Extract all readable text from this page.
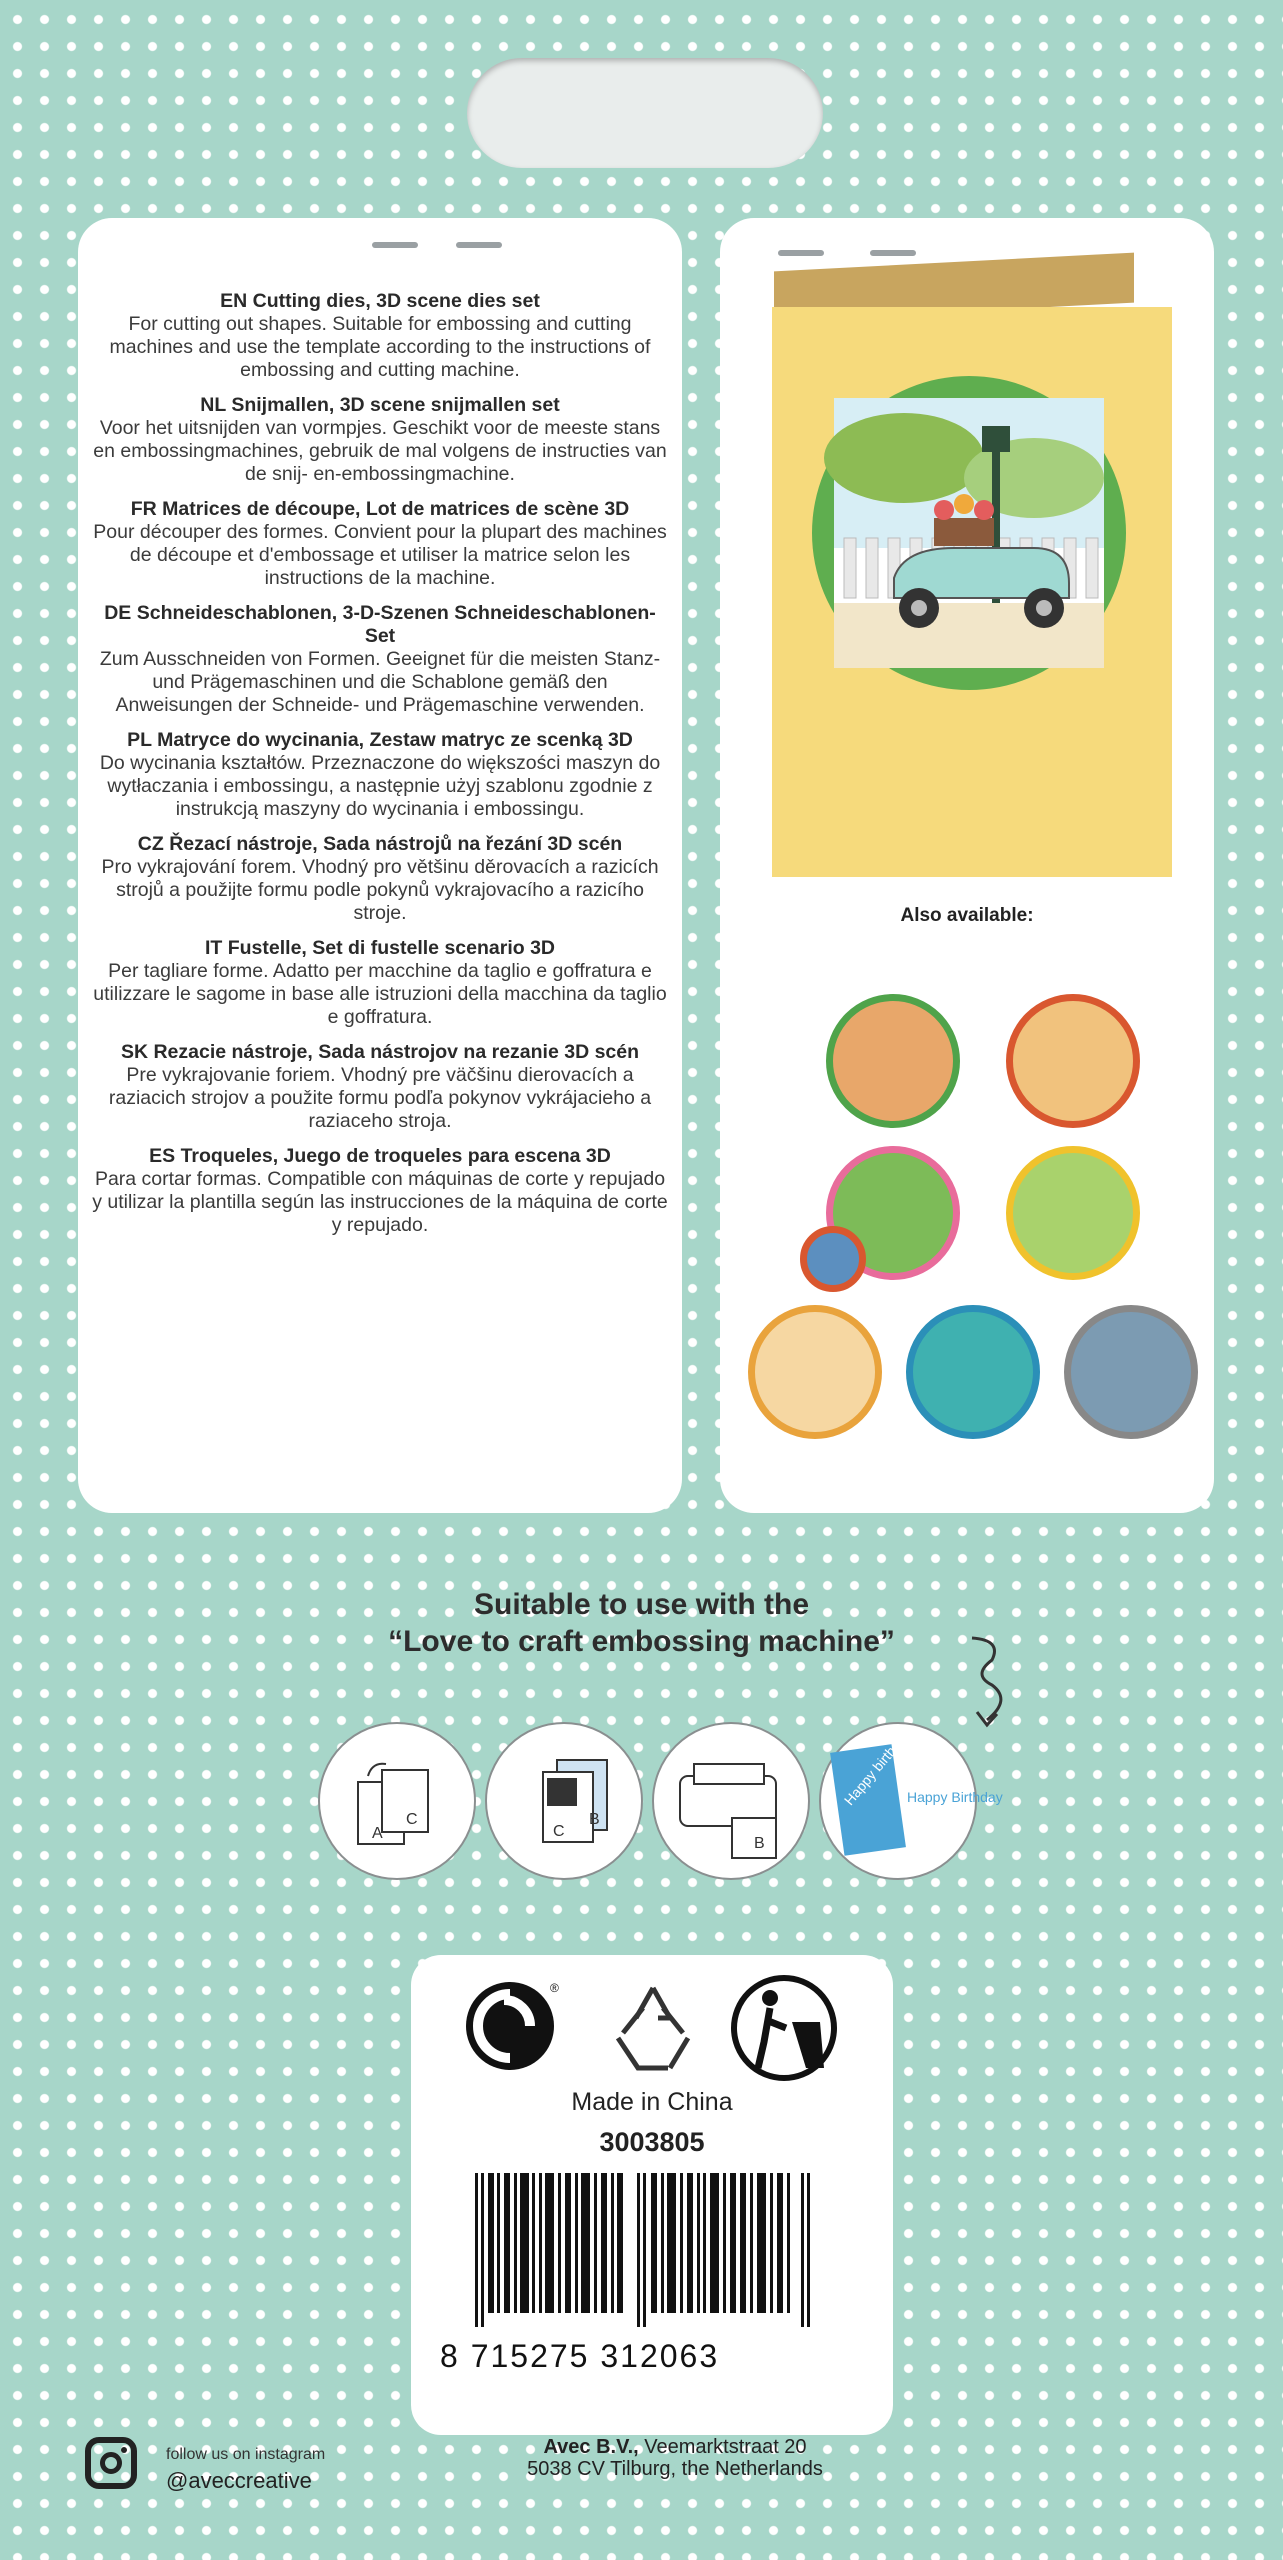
EN Cutting dies, 3D scene dies set
For cutting out shapes. Suitable for embossing and cutting machines and use the template according to the instructions of embossing and cutting machine.
NL Snijmallen, 3D scene snijmallen set
Voor het uitsnijden van vormpjes. Geschikt voor de meeste stans en embossingmachines, gebruik de mal volgens de instructies van de snij- en-embossingmachine.
FR Matrices de découpe, Lot de matrices de scène 3D
Pour découper des formes. Convient pour la plupart des machines de découpe et d'embossage et utiliser la matrice selon les instructions de la machine.
DE Schneideschablonen, 3-D-Szenen Schneideschablonen-Set
Zum Ausschneiden von Formen. Geeignet für die meisten Stanz- und Prägemaschinen und die Schablone gemäß den Anweisungen der Schneide- und Prägemaschine verwenden.
PL Matryce do wycinania, Zestaw matryc ze scenką 3D
Do wycinania kształtów. Przeznaczone do większości maszyn do wytłaczania i embossingu, a następnie użyj szablonu zgodnie z instrukcją maszyny do wycinania i embossingu.
CZ Řezací nástroje, Sada nástrojů na řezání 3D scén
Pro vykrajování forem. Vhodný pro většinu děrovacích a razicích strojů a použijte formu podle pokynů vykrajovacího a razicího stroje.
IT Fustelle, Set di fustelle scenario 3D
Per tagliare forme. Adatto per macchine da taglio e goffratura e utilizzare le sagome in base alle istruzioni della macchina da taglio e goffratura.
SK Rezacie nástroje, Sada nástrojov na rezanie 3D scén
Pre vykrajovanie foriem. Vhodný pre väčšinu dierovacích a raziacich strojov a použite formu podľa pokynov vykrájacieho a raziaceho stroja.
ES Troqueles, Juego de troqueles para escena 3D
Para cortar formas. Compatible con máquinas de corte y repujado y utilizar la plantilla según las instrucciones de la máquina de corte y repujado.
Also available:
Suitable to use with the
“Love to craft embossing machine”
A
C
C
B
B
Happy birthday
Happy Birthday
®
Made in China
3003805
8 715275 312063
follow us on instagram
@aveccreative
Avec B.V., Veemarktstraat 20
5038 CV Tilburg, the Netherlands
